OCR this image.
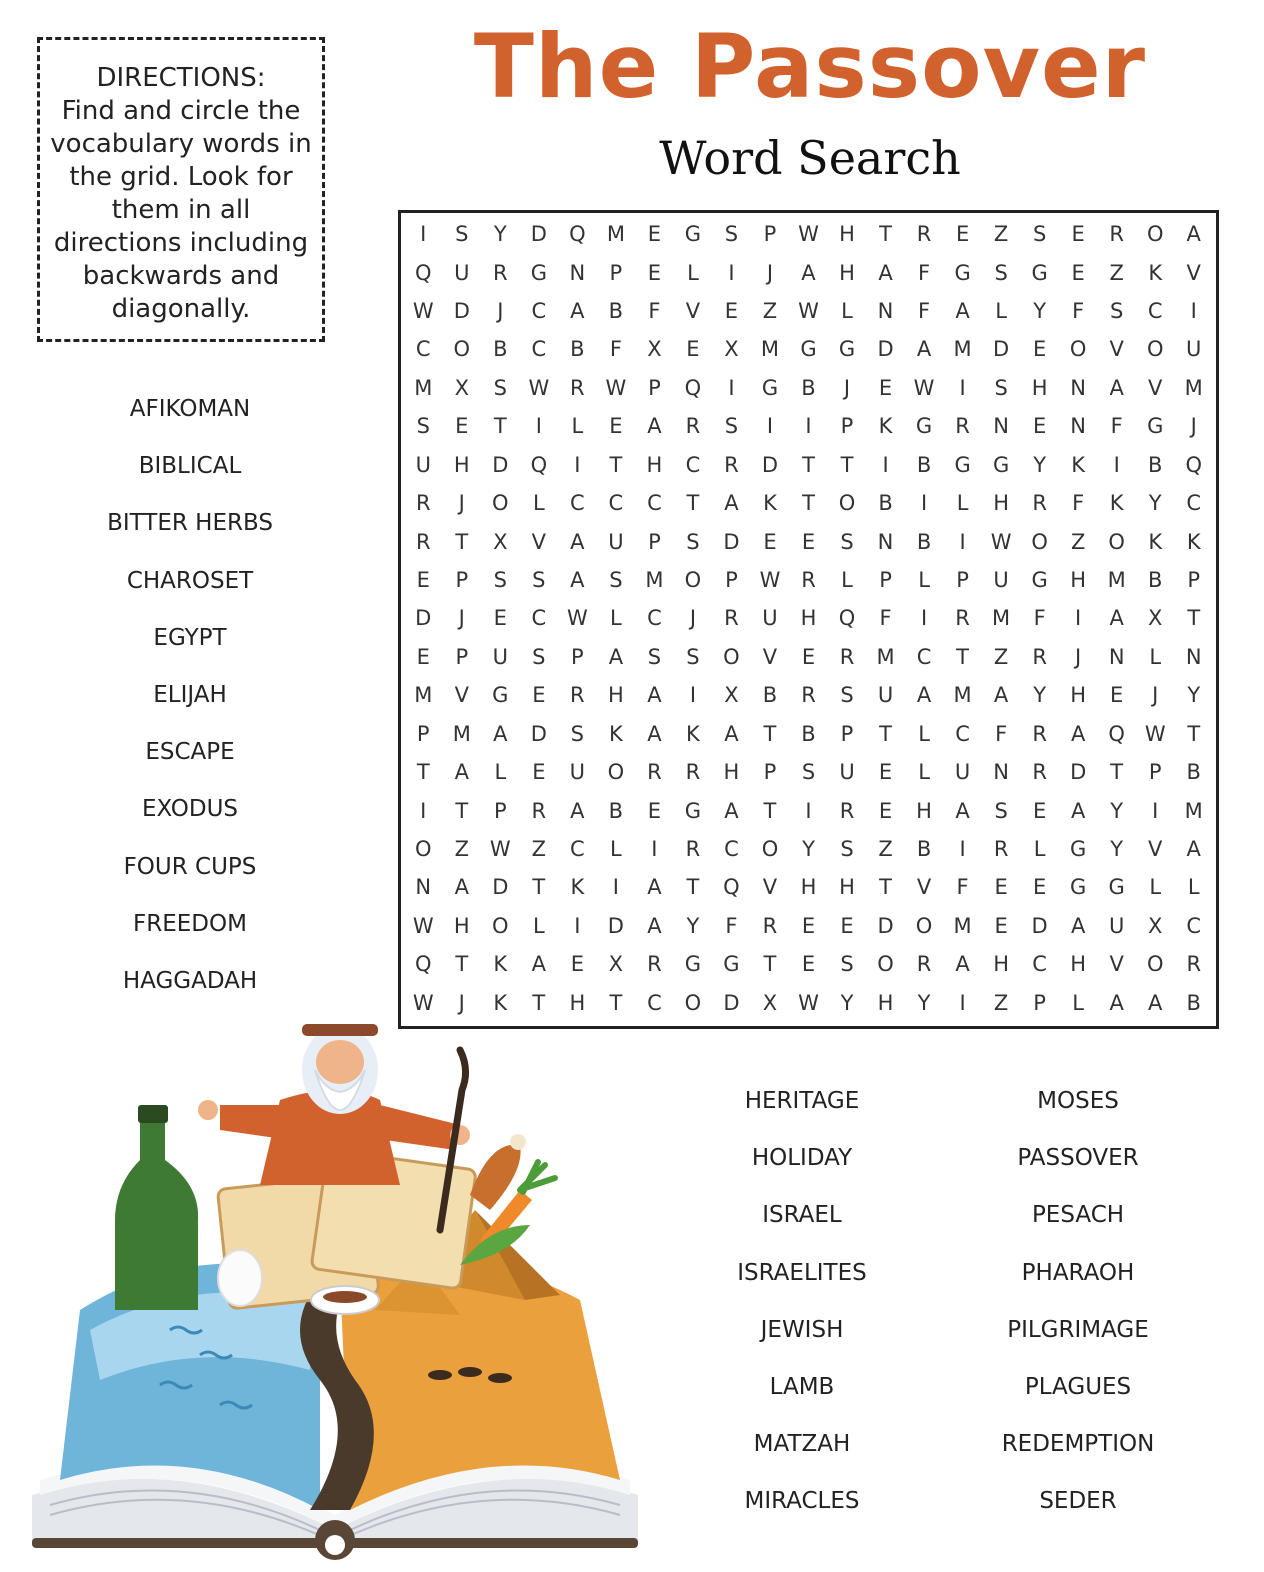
DIRECTIONS:
Find and circle the vocabulary words in the grid. Look for them in all directions including backwards and diagonally.
The Passover
Word Search
I	S	Y	D	Q	M	E	G	S	P	W H	T	R	E	Z	S	E	R	O	A
Q	U	R	G	N	P	E	L	I	J	A	H	A	F	G	S	G	E	Z	K	V
W D	J	C	A	B	F	V	E	Z W	L	N	F	A	L	Y	F	S	C	I
C	O	B	C	B	F	X	E	X	M	G	G	D	A	M	D	E	O	V	O	U
M	X	S	W R W	P	Q	I	G	B	J	E	W	I	S	H	N	A	V	M
S	E	T	I	L	E	A	R	S	I	I	P	K	G	R	N	E	N	F	G	J
U	H	D	Q	I	T	H	C	R	D	T	T	I	B	G	G	Y	K	I	B	Q
R	J	O	L	C	C	C	T	A	K	T	O	B	I	L	H	R	F	K	Y	C
R	T	X	V	A	U	P	S	D	E	E	S	N	B	I	W O	Z	O	K	K
E	P	S	S	A	S	M	O	P	W R	L	P	L	P	U	G	H	M	B	P
D	J	E	C W	L	C	J	R	U	H	Q	F	I	R	M	F	I	A	X	T
E	P	U	S	P	A	S	S	O	V	E	R	M	C	T	Z	R	J	N	L	N
M	V	G	E	R	H	A	I	X	B	R	S	U	A	M	A	Y	H	E	J	Y
P	M	A	D	S	K	A	K	A	T	B	P	T	L	C	F	R	A	Q W	T
T	A	L	E	U	O	R	R	H	P	S	U	E	L	U	N	R	D	T	P	B
I	T	P	R	A	B	E	G	A	T	I	R	E	H	A	S	E	A	Y	I	M
O	Z W Z	C	L	I	R	C	O	Y	S	Z	B	I	R	L	G	Y	V	A
N	A	D	T	K	I	A	T	Q	V	H	H	T	V	F	E	E	G	G	L	L
W H	O	L	I	D	A	Y	F	R	E	E	D	O	M	E	D	A	U	X	C
Q	T	K	A	E	X	R	G	G	T	E	S	O	R	A	H	C	H	V	O	R
W	J	K	T	H	T	C	O	D	X W	Y	H	Y	I	Z	P	L	A	A	B
AFIKOMAN
BIBLICAL
BITTER HERBS
CHAROSET
EGYPT
ELIJAH
ESCAPE
EXODUS
FOUR CUPS
FREEDOM
HAGGADAH
HERITAGE
HOLIDAY
ISRAEL
ISRAELITES
JEWISH
LAMB
MATZAH
MIRACLES
MOSES
PASSOVER
PESACH
PHARAOH
PILGRIMAGE
PLAGUES
REDEMPTION
SEDER
